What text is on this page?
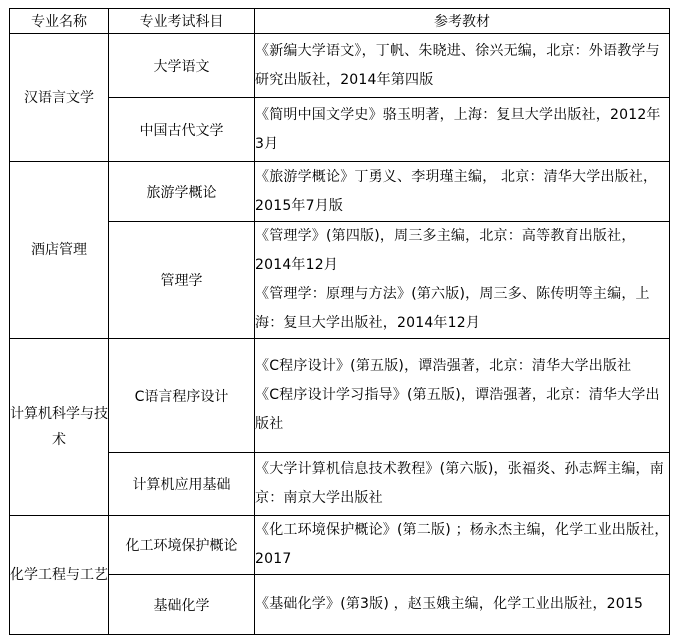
专业名称	专业考试科目	参考教材
汉语言文学	大学语文	《新编大学语文》，丁帆、朱晓进、徐兴无编，北京：外语教学与研究出版社，2014年第四版

	中国古代文学	《简明中国文学史》骆玉明著，上海：复旦大学出版社，2012年3月

酒店管理	旅游学概论	《旅游学概论》丁勇义、李玥瑾主编， 北京：清华大学出版社，2015年7月版

	管理学	《管理学》(第四版)，周三多主编，北京：高等教育出版社，2014年12月
《管理学：原理与方法》(第六版)，周三多、陈传明等主编，上海：复旦大学出版社，2014年12月

计算机科学与技术	C语言程序设计	《C程序设计》(第五版)，谭浩强著，北京：清华大学出版社
《C程序设计学习指导》(第五版)，谭浩强著，北京：清华大学出版社

	计算机应用基础	《大学计算机信息技术教程》(第六版)，张福炎、孙志辉主编，南京：南京大学出版社

化学工程与工艺	化工环境保护概论	《化工环境保护概论》(第二版) ；杨永杰主编，化学工业出版社，2017

	基础化学	《基础化学》(第3版) ，赵玉娥主编，化学工业出版社，2015
